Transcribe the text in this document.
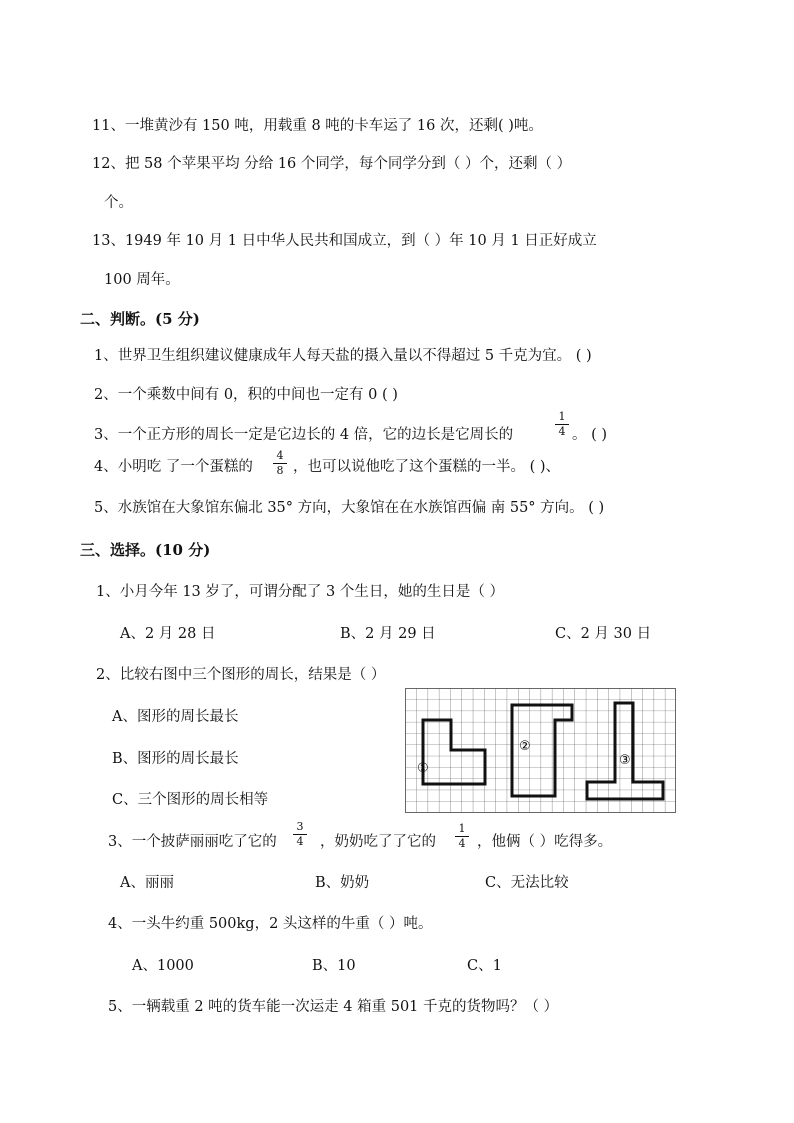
11、一堆黄沙有 150 吨，用载重 8 吨的卡车运了 16 次，还剩( )吨。
12、把 58 个苹果平均 分给 16 个同学，每个同学分到（ ）个，还剩（ ）
个。
13、1949 年 10 月 1 日中华人民共和国成立，到（ ）年 10 月 1 日正好成立
100 周年。
二、判断。(5 分)
1、世界卫生组织建议健康成年人每天盐的摄入量以不得超过 5 千克为宜。 ( )
2、一个乘数中间有 0，积的中间也一定有 0 ( )
3、一个正方形的周长一定是它边长的 4 倍，它的边长是它周长的
1
4 。 ( )
4、小明吃 了一个蛋糕的
4
8 ，也可以说他吃了这个蛋糕的一半。 ( )、
5、水族馆在大象馆东偏北 35° 方向，大象馆在在水族馆西偏 南 55° 方向。 ( )
三、选择。(10 分)
1、小月今年 13 岁了，可谓分配了 3 个生日，她的生日是（ ）
A、2 月 28 日	B、2 月 29 日	C、2 月 30 日
2、比较右图中三个图形的周长，结果是（ ）
A、图形的周长最长
B、图形的周长最长
C、三个图形的周长相等
①
②
③
3、一个披萨丽丽吃了它的
3
4 ，奶奶吃了了它的
1
4 ，他俩（ ）吃得多。
A、丽丽	B、奶奶	C、无法比较
4、一头牛约重 500kg，2 头这样的牛重（ ）吨。
A、1000	B、10	C、1
5、一辆载重 2 吨的货车能一次运走 4 箱重 501 千克的货物吗？（ ）
